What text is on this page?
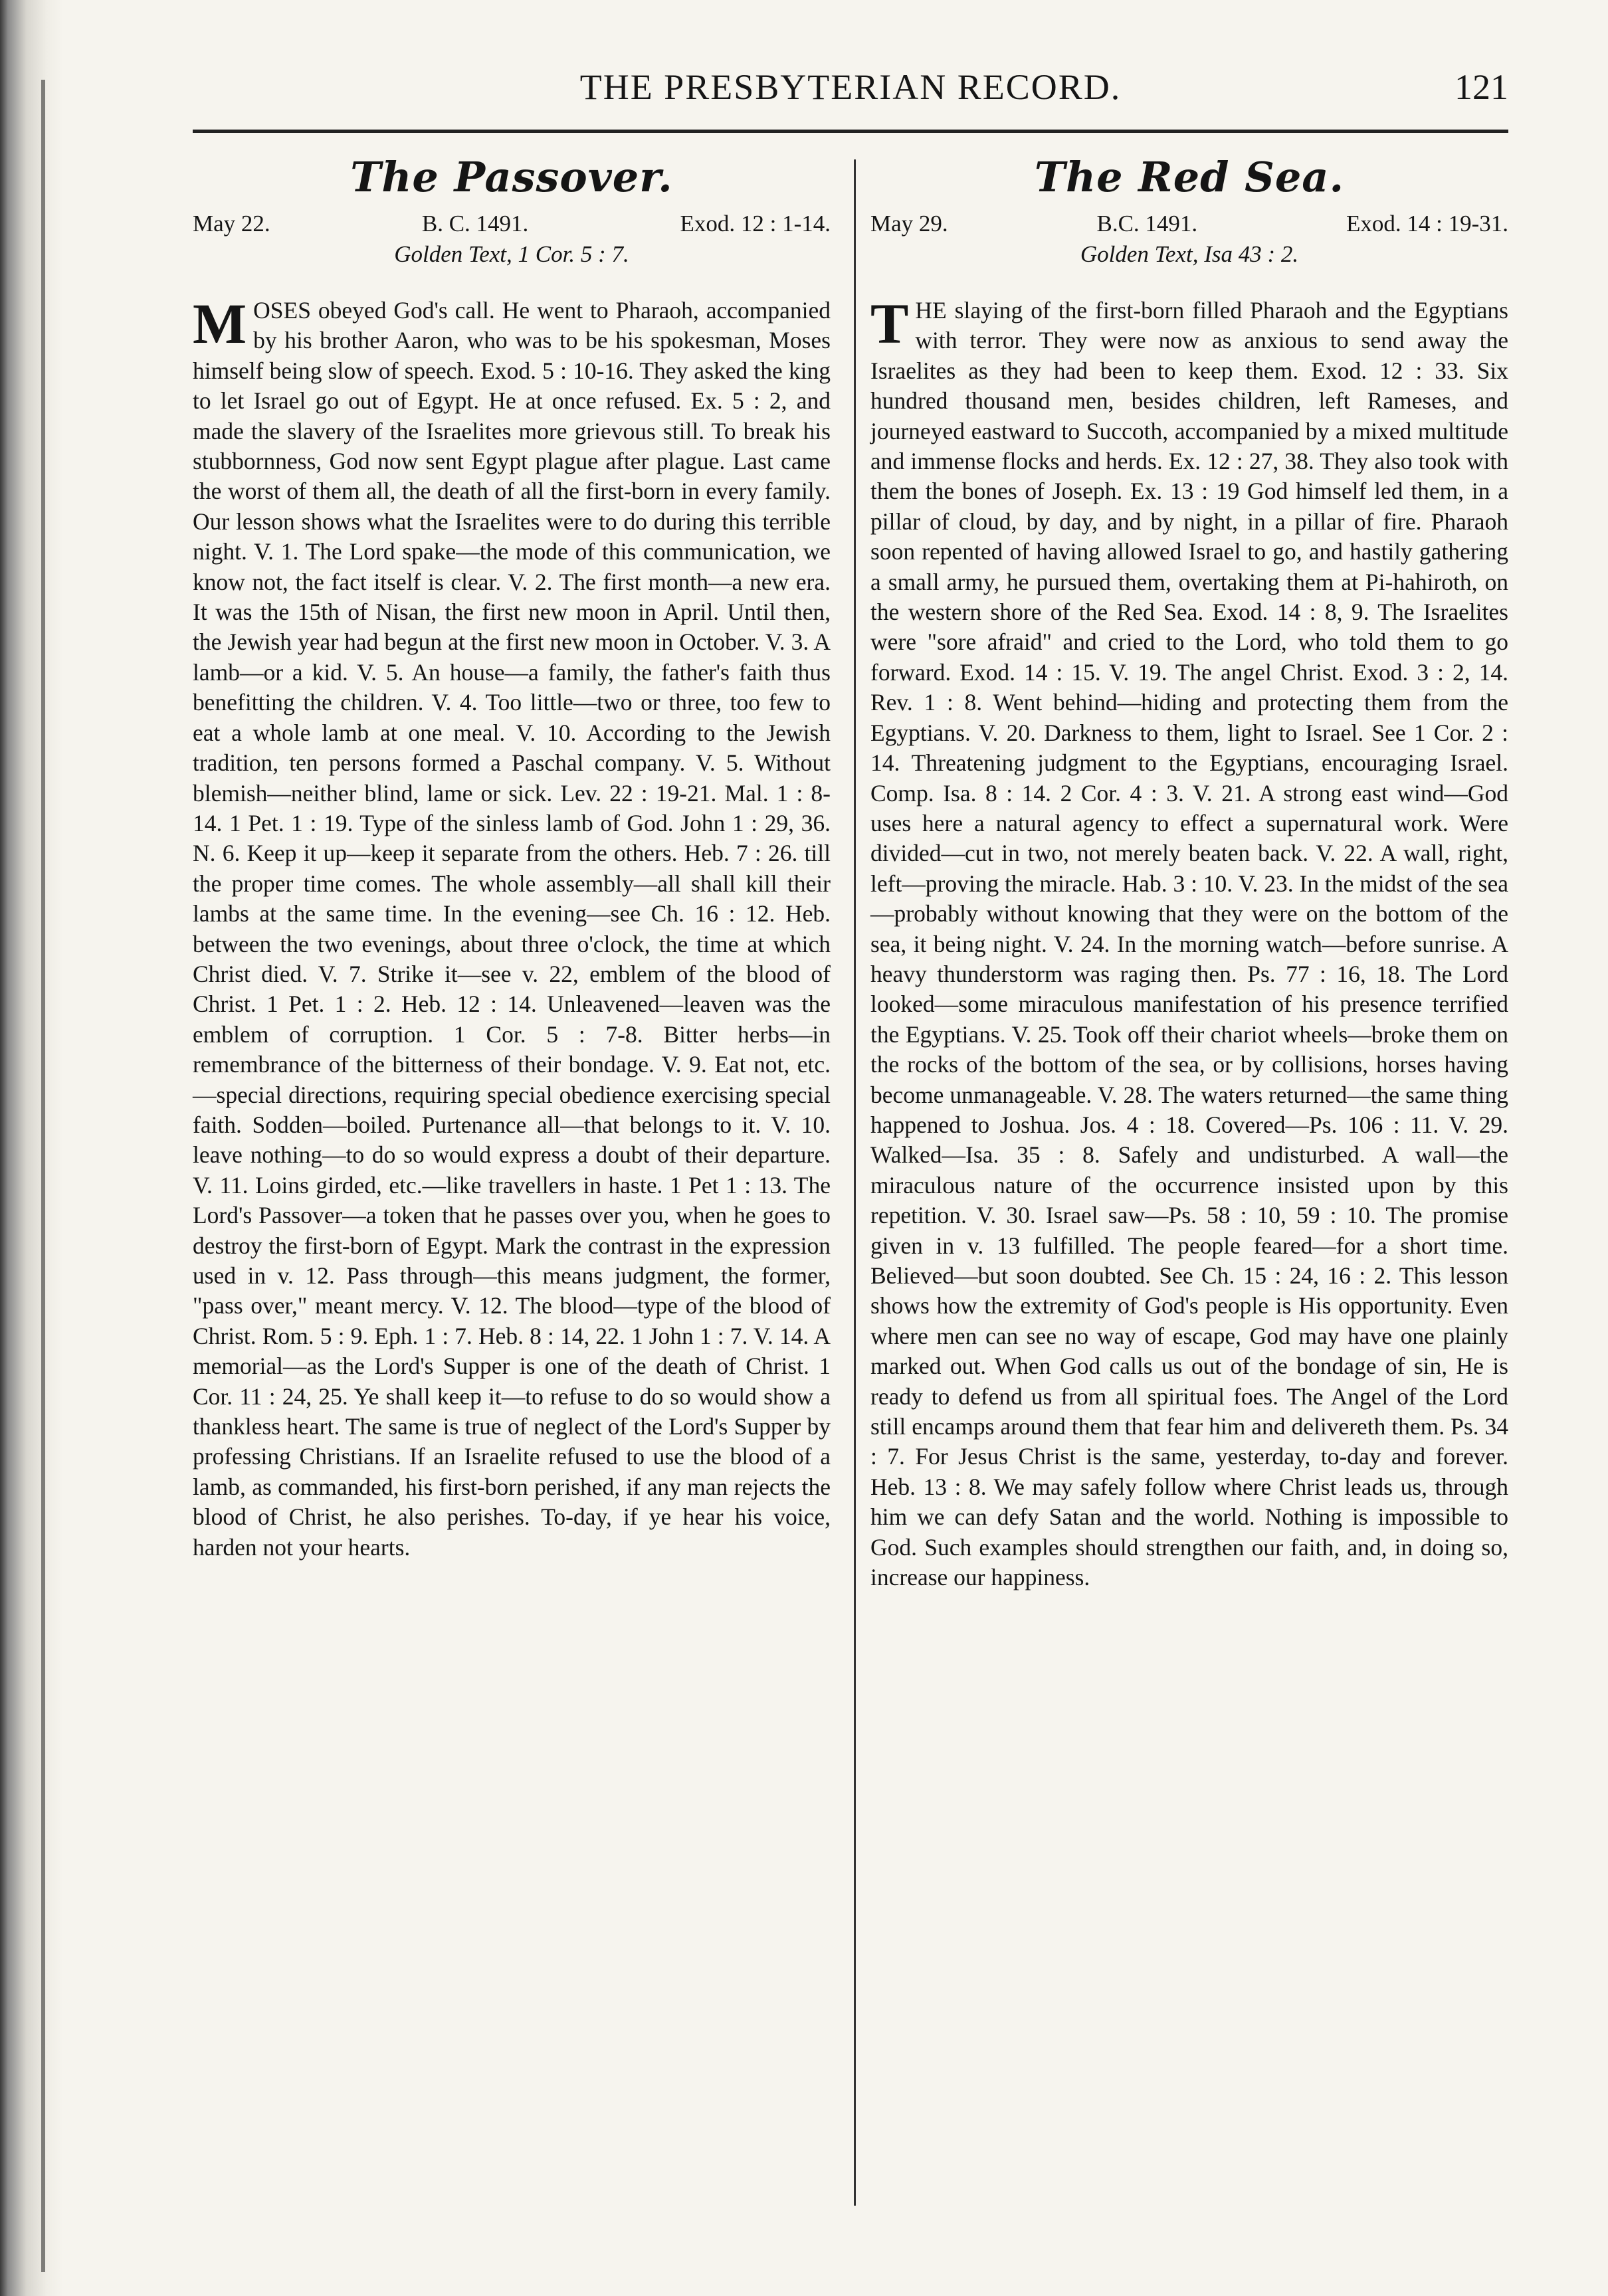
THE PRESBYTERIAN RECORD.	121
The Passover.
May 22.	B. C. 1491.	Exod. 12 : 1-14.
Golden Text, 1 Cor. 5 : 7.
M OSES obeyed God's call. He went to Pharaoh, accompanied by his brother Aaron, who was to be his spokesman, Moses himself being slow of speech. Exod. 5 : 10-16. They asked the king to let Israel go out of Egypt. He at once refused. Ex. 5 : 2, and made the slavery of the Israelites more grievous still. To break his stubbornness, God now sent Egypt plague after plague. Last came the worst of them all, the death of all the first-born in every family. Our lesson shows what the Israelites were to do during this terrible night. V. 1. The Lord spake—the mode of this communication, we know not, the fact itself is clear. V. 2. The first month—a new era. It was the 15th of Nisan, the first new moon in April. Until then, the Jewish year had begun at the first new moon in October. V. 3. A lamb—or a kid. V. 5. An house—a family, the father's faith thus benefitting the children. V. 4. Too little—two or three, too few to eat a whole lamb at one meal. V. 10. According to the Jewish tradition, ten persons formed a Paschal company. V. 5. Without blemish—neither blind, lame or sick. Lev. 22 : 19-21. Mal. 1 : 8-14. 1 Pet. 1 : 19. Type of the sinless lamb of God. John 1 : 29, 36. N. 6. Keep it up—keep it separate from the others. Heb. 7 : 26. till the proper time comes. The whole assembly—all shall kill their lambs at the same time. In the evening—see Ch. 16 : 12. Heb. between the two evenings, about three o'clock, the time at which Christ died. V. 7. Strike it—see v. 22, emblem of the blood of Christ. 1 Pet. 1 : 2. Heb. 12 : 14. Unleavened—leaven was the emblem of corruption. 1 Cor. 5 : 7-8. Bitter herbs—in remembrance of the bitterness of their bondage. V. 9. Eat not, etc.—special directions, requiring special obedience exercising special faith. Sodden—boiled. Purtenance all—that belongs to it. V. 10. leave nothing—to do so would express a doubt of their departure. V. 11. Loins girded, etc.—like travellers in haste. 1 Pet 1 : 13. The Lord's Passover—a token that he passes over you, when he goes to destroy the first-born of Egypt. Mark the contrast in the expression used in v. 12. Pass through—this means judgment, the former, "pass over," meant mercy. V. 12. The blood—type of the blood of Christ. Rom. 5 : 9. Eph. 1 : 7. Heb. 8 : 14, 22. 1 John 1 : 7. V. 14. A memorial—as the Lord's Supper is one of the death of Christ. 1 Cor. 11 : 24, 25. Ye shall keep it—to refuse to do so would show a thankless heart. The same is true of neglect of the Lord's Supper by professing Christians. If an Israelite refused to use the blood of a lamb, as commanded, his first-born perished, if any man rejects the blood of Christ, he also perishes. To-day, if ye hear his voice, harden not your hearts.
The Red Sea.
May 29.	B.C. 1491.	Exod. 14 : 19-31.
Golden Text, Isa 43 : 2.
T HE slaying of the first-born filled Pharaoh and the Egyptians with terror. They were now as anxious to send away the Israelites as they had been to keep them. Exod. 12 : 33. Six hundred thousand men, besides children, left Rameses, and journeyed eastward to Succoth, accompanied by a mixed multitude and immense flocks and herds. Ex. 12 : 27, 38. They also took with them the bones of Joseph. Ex. 13 : 19 God himself led them, in a pillar of cloud, by day, and by night, in a pillar of fire. Pharaoh soon repented of having allowed Israel to go, and hastily gathering a small army, he pursued them, overtaking them at Pi-hahiroth, on the western shore of the Red Sea. Exod. 14 : 8, 9. The Israelites were "sore afraid" and cried to the Lord, who told them to go forward. Exod. 14 : 15. V. 19. The angel Christ. Exod. 3 : 2, 14. Rev. 1 : 8. Went behind—hiding and protecting them from the Egyptians. V. 20. Darkness to them, light to Israel. See 1 Cor. 2 : 14. Threatening judgment to the Egyptians, encouraging Israel. Comp. Isa. 8 : 14. 2 Cor. 4 : 3. V. 21. A strong east wind—God uses here a natural agency to effect a supernatural work. Were divided—cut in two, not merely beaten back. V. 22. A wall, right, left—proving the miracle. Hab. 3 : 10. V. 23. In the midst of the sea—probably without knowing that they were on the bottom of the sea, it being night. V. 24. In the morning watch—before sunrise. A heavy thunderstorm was raging then. Ps. 77 : 16, 18. The Lord looked—some miraculous manifestation of his presence terrified the Egyptians. V. 25. Took off their chariot wheels—broke them on the rocks of the bottom of the sea, or by collisions, horses having become unmanageable. V. 28. The waters returned—the same thing happened to Joshua. Jos. 4 : 18. Covered—Ps. 106 : 11. V. 29. Walked—Isa. 35 : 8. Safely and undisturbed. A wall—the miraculous nature of the occurrence insisted upon by this repetition. V. 30. Israel saw—Ps. 58 : 10, 59 : 10. The promise given in v. 13 fulfilled. The people feared—for a short time. Believed—but soon doubted. See Ch. 15 : 24, 16 : 2. This lesson shows how the extremity of God's people is His opportunity. Even where men can see no way of escape, God may have one plainly marked out. When God calls us out of the bondage of sin, He is ready to defend us from all spiritual foes. The Angel of the Lord still encamps around them that fear him and delivereth them. Ps. 34 : 7. For Jesus Christ is the same, yesterday, to-day and forever. Heb. 13 : 8. We may safely follow where Christ leads us, through him we can defy Satan and the world. Nothing is impossible to God. Such examples should strengthen our faith, and, in doing so, increase our happiness.
